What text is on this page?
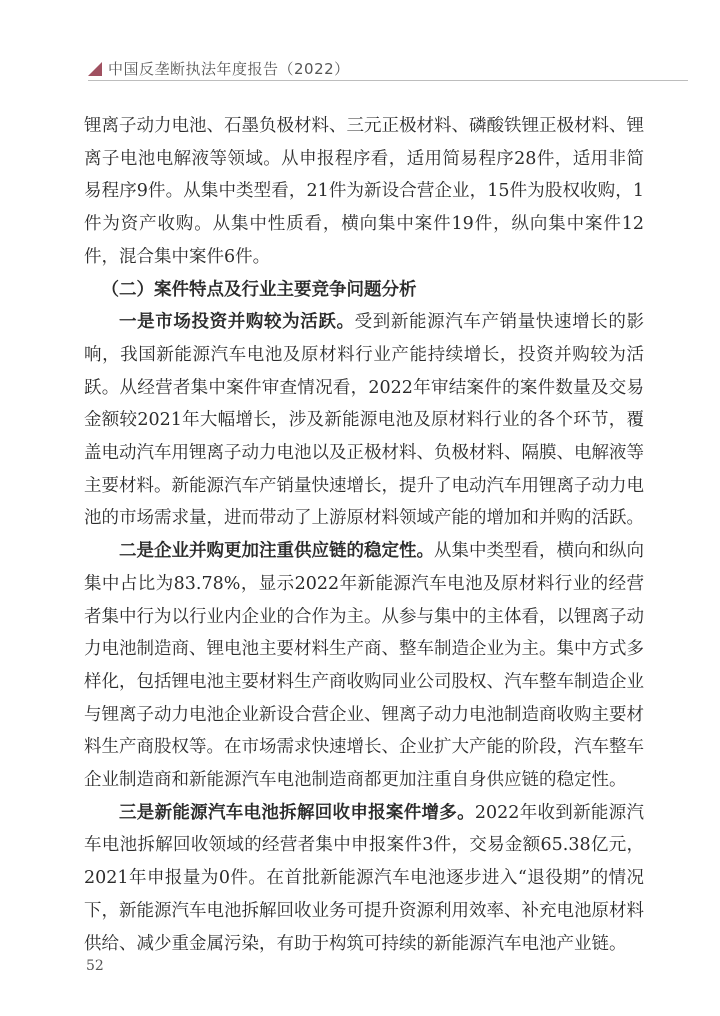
中国反垄断执法年度报告（2022）

锂离子动力电池、石墨负极材料、三元正极材料、磷酸铁锂正极材料、锂离子电池电解液等领域。从申报程序看，适用简易程序28件，适用非简易程序9件。从集中类型看，21件为新设合营企业，15件为股权收购，1件为资产收购。从集中性质看，横向集中案件19件，纵向集中案件12件，混合集中案件6件。

（二）案件特点及行业主要竞争问题分析

一是市场投资并购较为活跃。受到新能源汽车产销量快速增长的影响，我国新能源汽车电池及原材料行业产能持续增长，投资并购较为活跃。从经营者集中案件审查情况看，2022年审结案件的案件数量及交易金额较2021年大幅增长，涉及新能源电池及原材料行业的各个环节，覆盖电动汽车用锂离子动力电池以及正极材料、负极材料、隔膜、电解液等主要材料。新能源汽车产销量快速增长，提升了电动汽车用锂离子动力电池的市场需求量，进而带动了上游原材料领域产能的增加和并购的活跃。

二是企业并购更加注重供应链的稳定性。从集中类型看，横向和纵向集中占比为83.78%，显示2022年新能源汽车电池及原材料行业的经营者集中行为以行业内企业的合作为主。从参与集中的主体看，以锂离子动力电池制造商、锂电池主要材料生产商、整车制造企业为主。集中方式多样化，包括锂电池主要材料生产商收购同业公司股权、汽车整车制造企业与锂离子动力电池企业新设合营企业、锂离子动力电池制造商收购主要材料生产商股权等。在市场需求快速增长、企业扩大产能的阶段，汽车整车企业制造商和新能源汽车电池制造商都更加注重自身供应链的稳定性。

三是新能源汽车电池拆解回收申报案件增多。2022年收到新能源汽车电池拆解回收领域的经营者集中申报案件3件，交易金额65.38亿元，2021年申报量为0件。在首批新能源汽车电池逐步进入“退役期”的情况下，新能源汽车电池拆解回收业务可提升资源利用效率、补充电池原材料供给、减少重金属污染，有助于构筑可持续的新能源汽车电池产业链。

52
